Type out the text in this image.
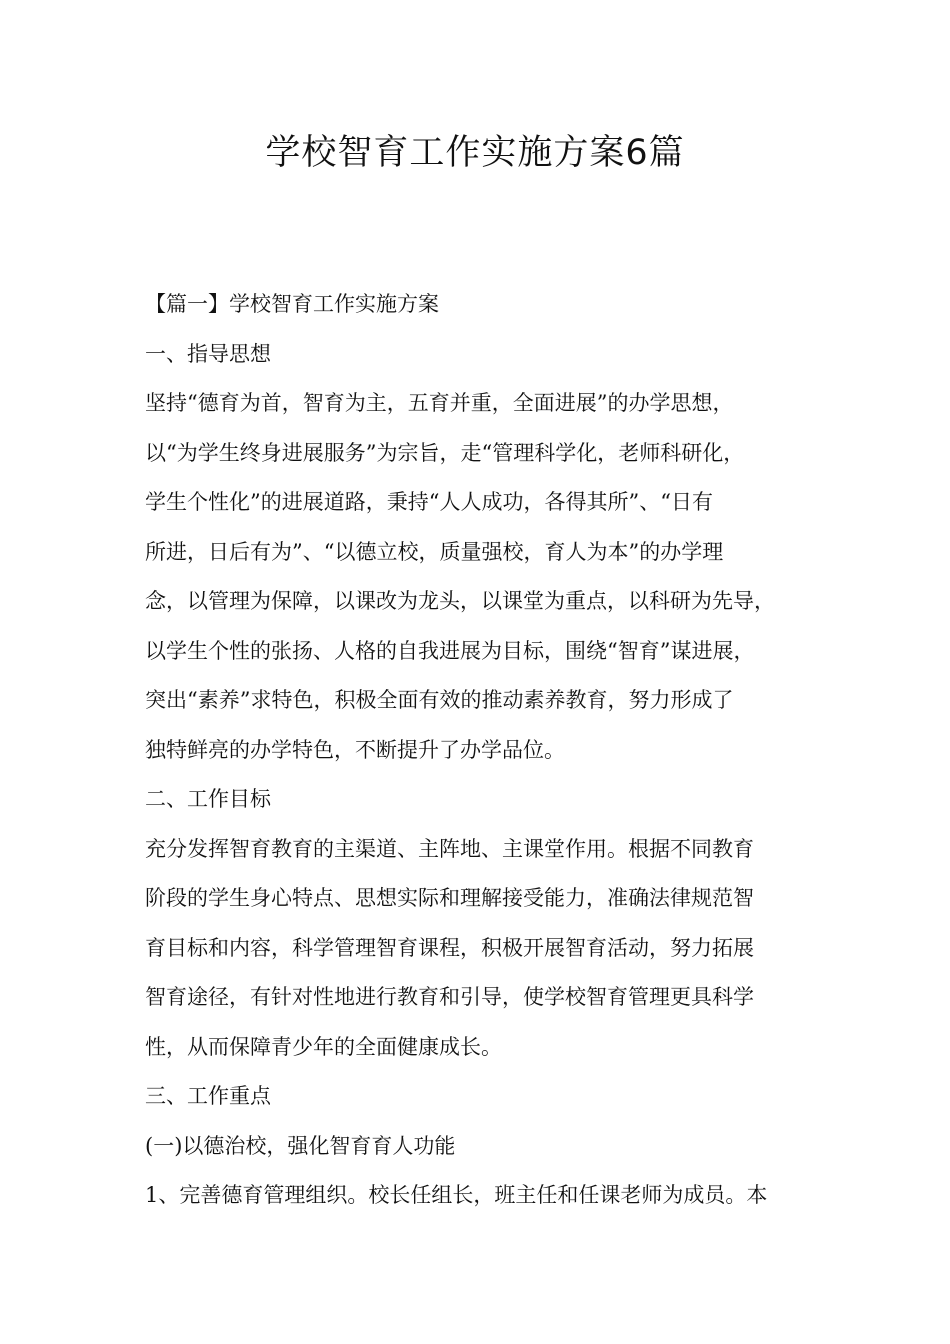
学校智育工作实施方案6篇
【篇一】学校智育工作实施方案
一、指导思想
坚持“德育为首，智育为主，五育并重，全面进展”的办学思想，
以“为学生终身进展服务”为宗旨，走“管理科学化，老师科研化，
学生个性化”的进展道路，秉持“人人成功，各得其所”、“日有
所进，日后有为”、“以德立校，质量强校，育人为本”的办学理
念，以管理为保障，以课改为龙头，以课堂为重点，以科研为先导，
以学生个性的张扬、人格的自我进展为目标，围绕“智育”谋进展，
突出“素养”求特色，积极全面有效的推动素养教育，努力形成了
独特鲜亮的办学特色，不断提升了办学品位。
二、工作目标
充分发挥智育教育的主渠道、主阵地、主课堂作用。根据不同教育
阶段的学生身心特点、思想实际和理解接受能力，准确法律规范智
育目标和内容，科学管理智育课程，积极开展智育活动，努力拓展
智育途径，有针对性地进行教育和引导，使学校智育管理更具科学
性，从而保障青少年的全面健康成长。
三、工作重点
(一)以德治校，强化智育育人功能
1、完善德育管理组织。校长任组长，班主任和任课老师为成员。本
